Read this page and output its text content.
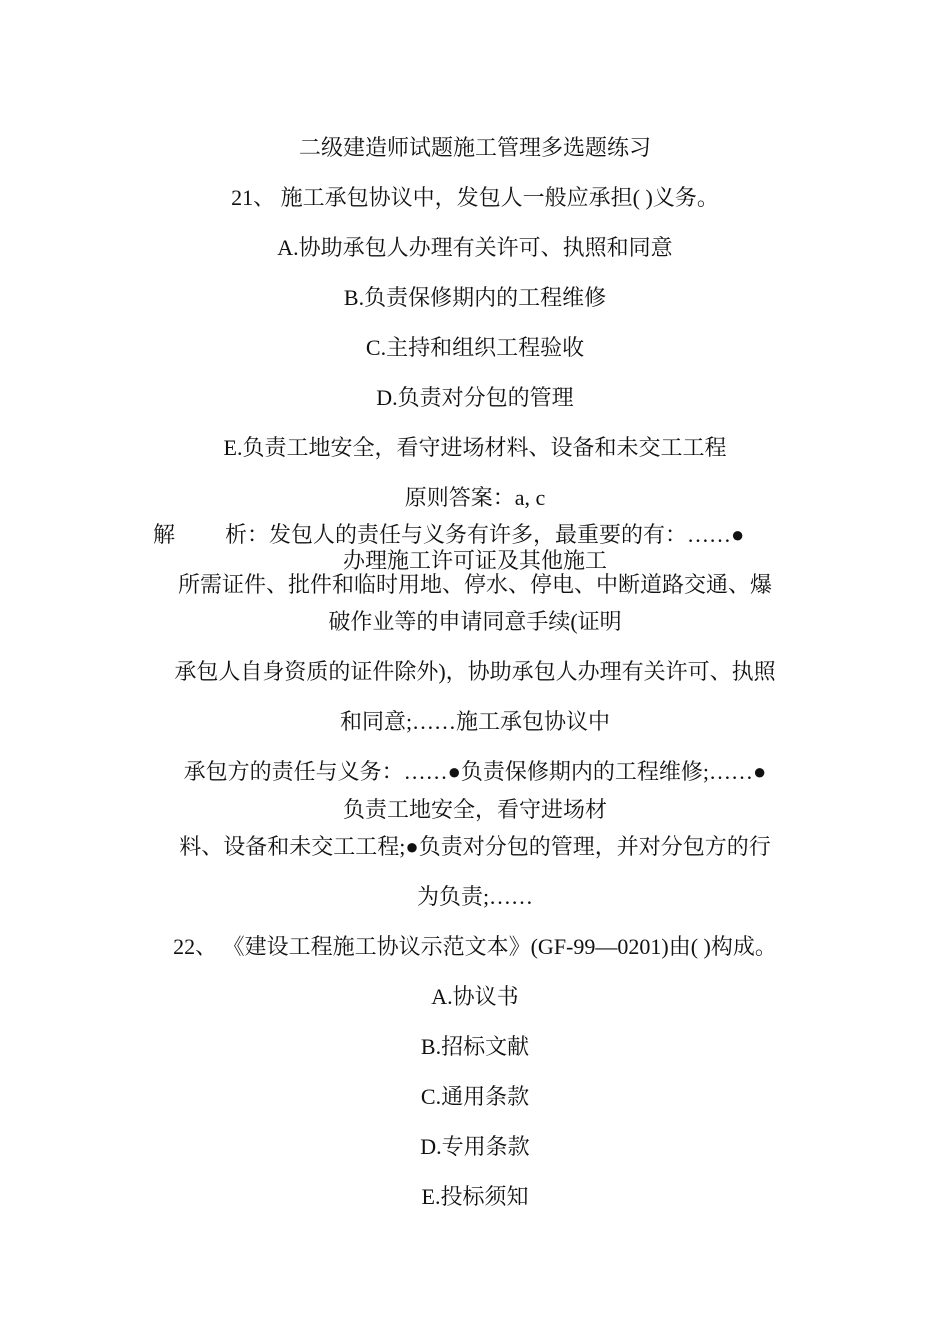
二级建造师试题施工管理多选题练习
21、 施工承包协议中，发包人一般应承担( )义务。
A.协助承包人办理有关许可、执照和同意
B.负责保修期内的工程维修
C.主持和组织工程验收
D.负责对分包的管理
E.负责工地安全，看守进场材料、设备和未交工工程
原则答案：a, c
解 析：发包人的责任与义务有许多，最重要的有：……●
办理施工许可证及其他施工
所需证件、批件和临时用地、停水、停电、中断道路交通、爆
破作业等的申请同意手续(证明
承包人自身资质的证件除外)，协助承包人办理有关许可、执照
和同意;……施工承包协议中
承包方的责任与义务：……●负责保修期内的工程维修;……●
负责工地安全，看守进场材
料、设备和未交工工程;●负责对分包的管理，并对分包方的行
为负责;……
22、 《建设工程施工协议示范文本》(GF-99—0201)由( )构成。
A.协议书
B.招标文献
C.通用条款
D.专用条款
E.投标须知
